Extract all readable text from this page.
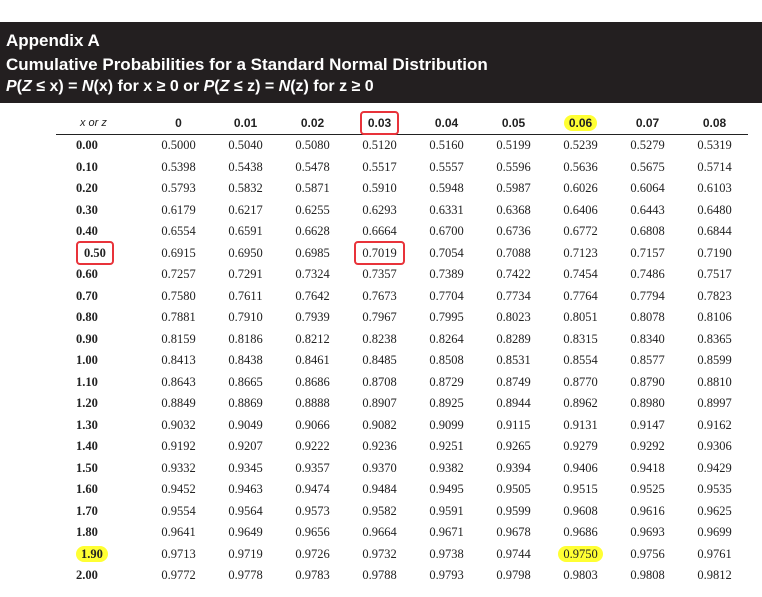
Appendix A
Cumulative Probabilities for a Standard Normal Distribution
P(Z ≤ x) = N(x) for x ≥ 0 or P(Z ≤ z) = N(z) for z ≥ 0
x or z	0	0.01	0.02	0.03	0.04	0.05	0.06	0.07	0.08
0.00	0.5000	0.5040	0.5080	0.5120	0.5160	0.5199	0.5239	0.5279	0.5319
0.10	0.5398	0.5438	0.5478	0.5517	0.5557	0.5596	0.5636	0.5675	0.5714
0.20	0.5793	0.5832	0.5871	0.5910	0.5948	0.5987	0.6026	0.6064	0.6103
0.30	0.6179	0.6217	0.6255	0.6293	0.6331	0.6368	0.6406	0.6443	0.6480
0.40	0.6554	0.6591	0.6628	0.6664	0.6700	0.6736	0.6772	0.6808	0.6844
0.50	0.6915	0.6950	0.6985	0.7019	0.7054	0.7088	0.7123	0.7157	0.7190
0.60	0.7257	0.7291	0.7324	0.7357	0.7389	0.7422	0.7454	0.7486	0.7517
0.70	0.7580	0.7611	0.7642	0.7673	0.7704	0.7734	0.7764	0.7794	0.7823
0.80	0.7881	0.7910	0.7939	0.7967	0.7995	0.8023	0.8051	0.8078	0.8106
0.90	0.8159	0.8186	0.8212	0.8238	0.8264	0.8289	0.8315	0.8340	0.8365
1.00	0.8413	0.8438	0.8461	0.8485	0.8508	0.8531	0.8554	0.8577	0.8599
1.10	0.8643	0.8665	0.8686	0.8708	0.8729	0.8749	0.8770	0.8790	0.8810
1.20	0.8849	0.8869	0.8888	0.8907	0.8925	0.8944	0.8962	0.8980	0.8997
1.30	0.9032	0.9049	0.9066	0.9082	0.9099	0.9115	0.9131	0.9147	0.9162
1.40	0.9192	0.9207	0.9222	0.9236	0.9251	0.9265	0.9279	0.9292	0.9306
1.50	0.9332	0.9345	0.9357	0.9370	0.9382	0.9394	0.9406	0.9418	0.9429
1.60	0.9452	0.9463	0.9474	0.9484	0.9495	0.9505	0.9515	0.9525	0.9535
1.70	0.9554	0.9564	0.9573	0.9582	0.9591	0.9599	0.9608	0.9616	0.9625
1.80	0.9641	0.9649	0.9656	0.9664	0.9671	0.9678	0.9686	0.9693	0.9699
1.90	0.9713	0.9719	0.9726	0.9732	0.9738	0.9744	0.9750	0.9756	0.9761
2.00	0.9772	0.9778	0.9783	0.9788	0.9793	0.9798	0.9803	0.9808	0.9812
